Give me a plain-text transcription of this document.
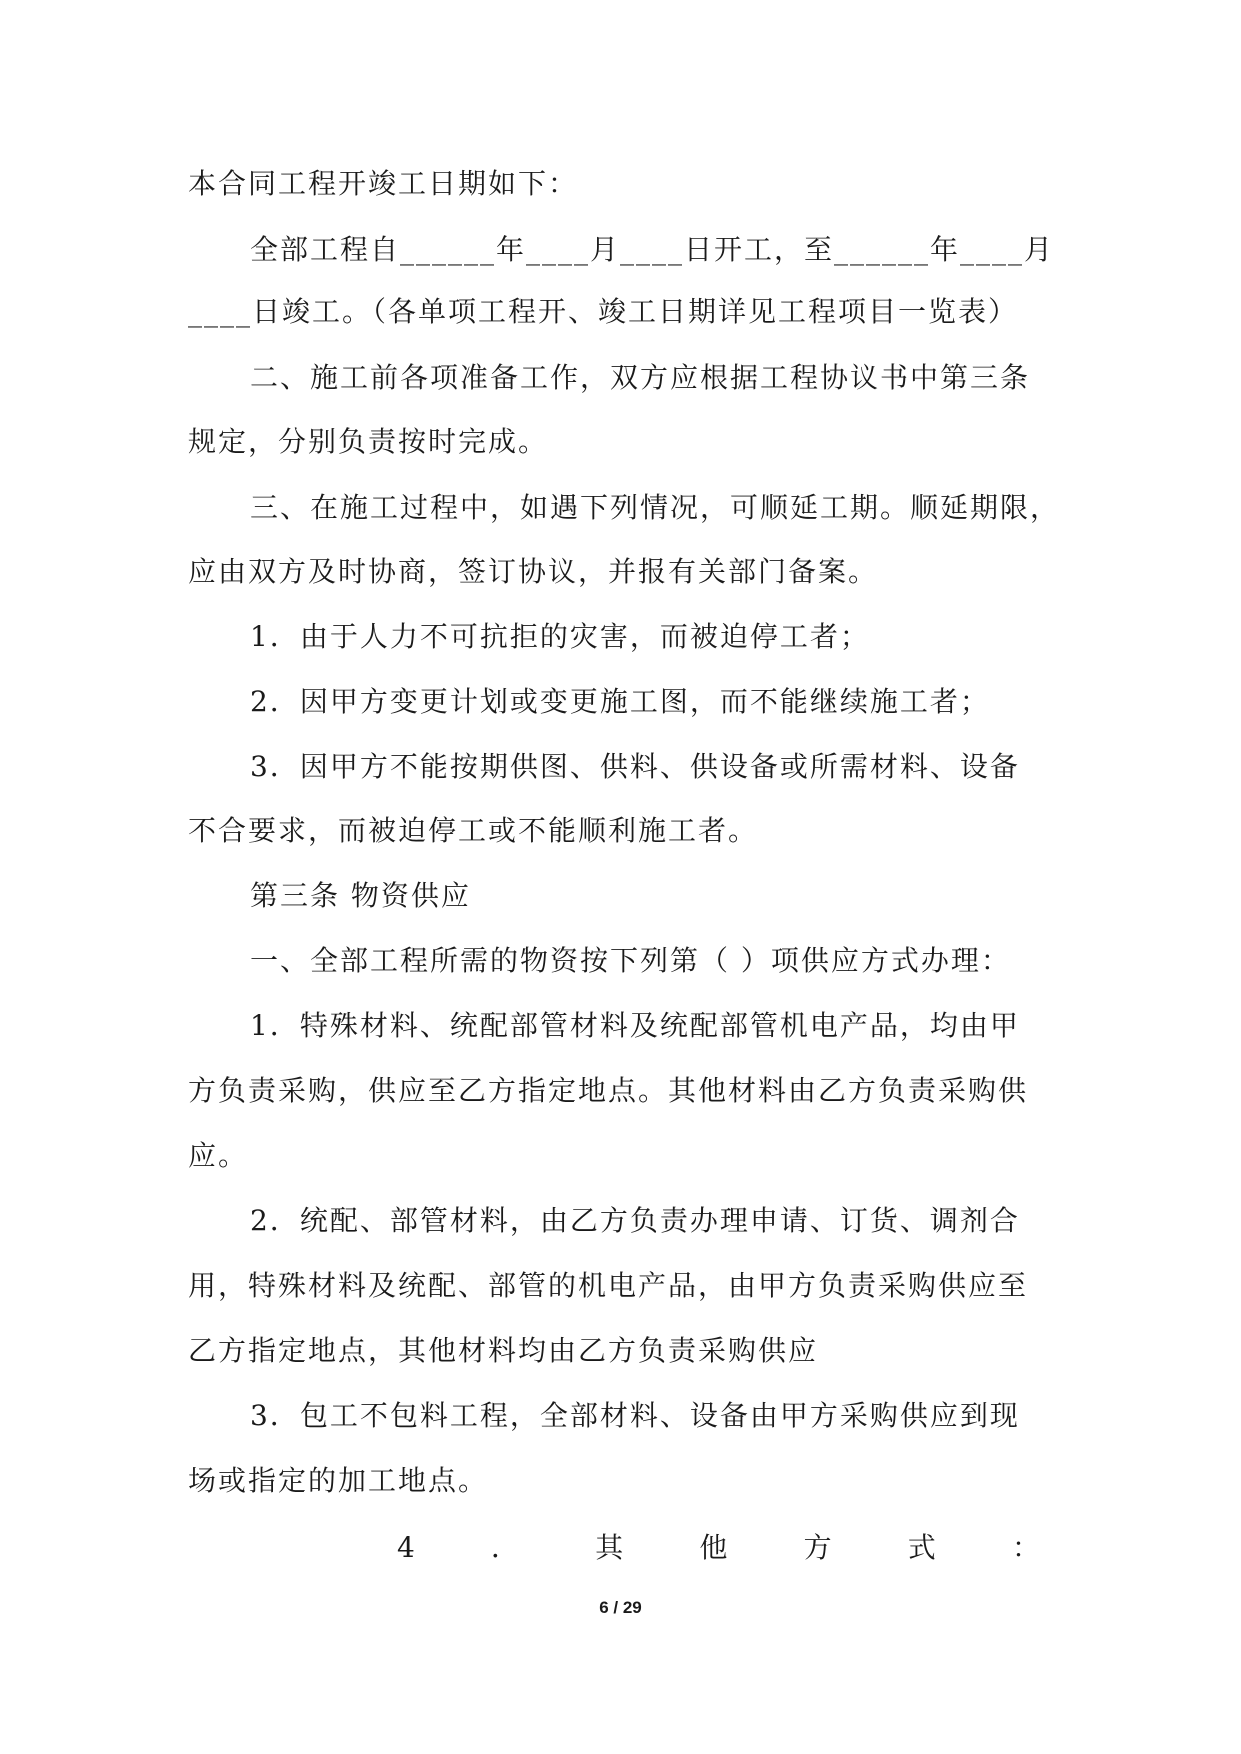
本合同工程开竣工日期如下：
全部工程自______年____月____日开工，至______年____月
____日竣工。（各单项工程开、竣工日期详见工程项目一览表）
二、施工前各项准备工作，双方应根据工程协议书中第三条
规定，分别负责按时完成。
三、在施工过程中，如遇下列情况，可顺延工期。顺延期限，
应由双方及时协商，签订协议，并报有关部门备案。
1．由于人力不可抗拒的灾害，而被迫停工者；
2．因甲方变更计划或变更施工图，而不能继续施工者；
3．因甲方不能按期供图、供料、供设备或所需材料、设备
不合要求，而被迫停工或不能顺利施工者。
第三条 物资供应
一、全部工程所需的物资按下列第（ ）项供应方式办理：
1．特殊材料、统配部管材料及统配部管机电产品，均由甲
方负责采购，供应至乙方指定地点。其他材料由乙方负责采购供
应。
2．统配、部管材料，由乙方负责办理申请、订货、调剂合
用，特殊材料及统配、部管的机电产品，由甲方负责采购供应至
乙方指定地点，其他材料均由乙方负责采购供应
3．包工不包料工程，全部材料、设备由甲方采购供应到现
场或指定的加工地点。
4	．	其	他	方	式	：
6 / 29
